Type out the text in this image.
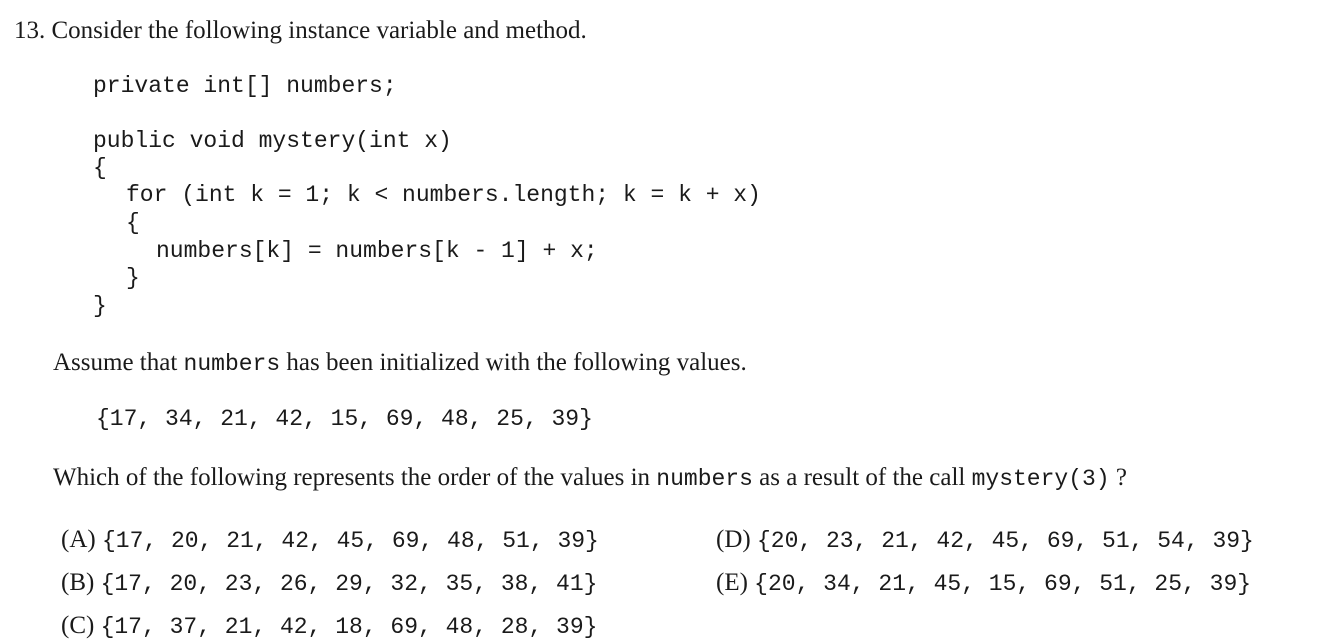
13. Consider the following instance variable and method.
private int[] numbers;
public void mystery(int x)
{
for (int k = 1; k < numbers.length; k = k + x)
{
numbers[k] = numbers[k - 1] + x;
}
}
Assume that numbers has been initialized with the following values.
{17, 34, 21, 42, 15, 69, 48, 25, 39}
Which of the following represents the order of the values in numbers as a result of the call mystery(3) ?

(A) {17, 20, 21, 42, 45, 69, 48, 51, 39}

(B) {17, 20, 23, 26, 29, 32, 35, 38, 41}

(C) {17, 37, 21, 42, 18, 69, 48, 28, 39}

(D) {20, 23, 21, 42, 45, 69, 51, 54, 39}

(E) {20, 34, 21, 45, 15, 69, 51, 25, 39}
